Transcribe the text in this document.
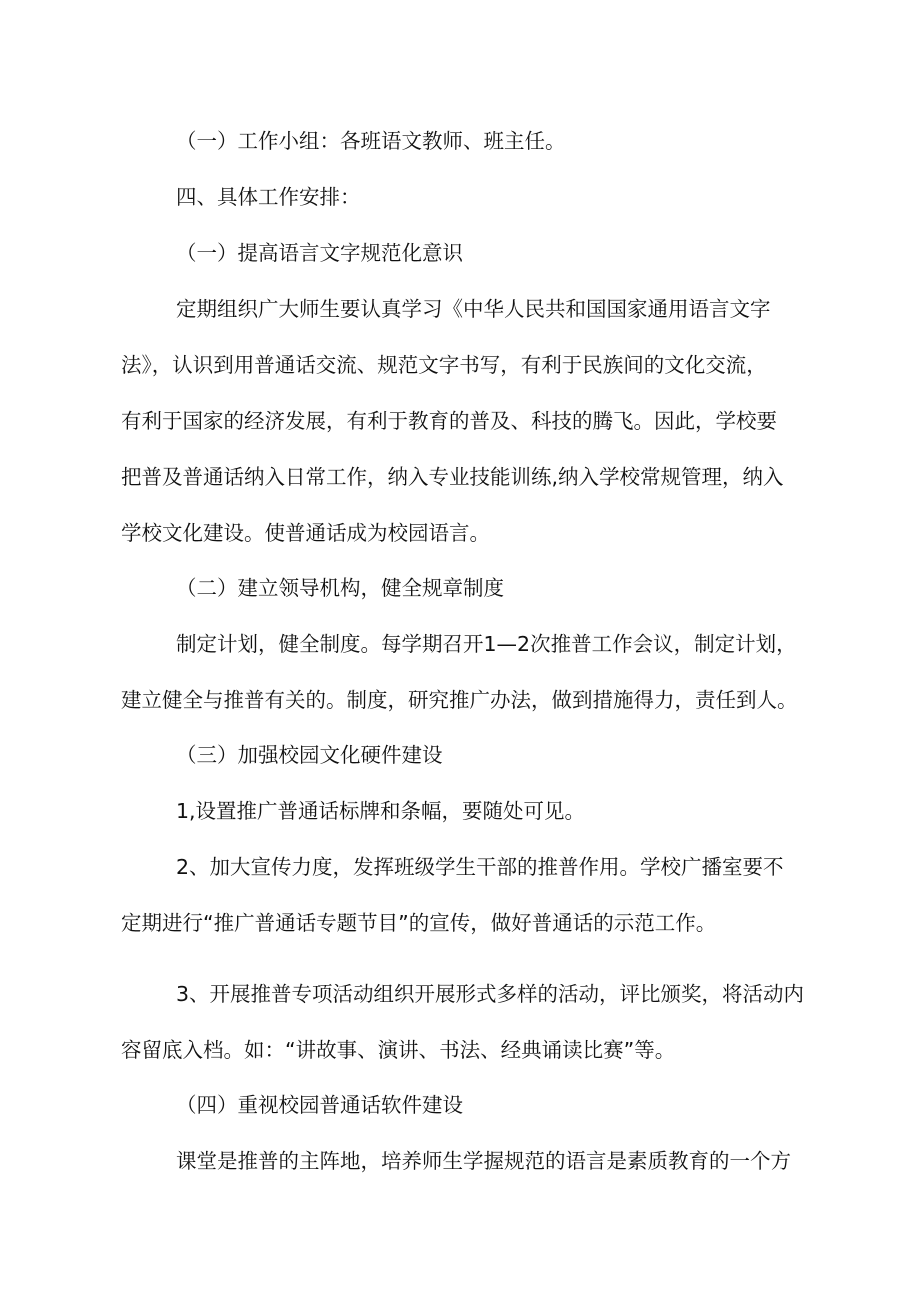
（一）工作小组：各班语文教师、班主任。

四、具体工作安排：

（一）提高语言文字规范化意识

定期组织广大师生要认真学习《中华人民共和国国家通用语言文字

法》，认识到用普通话交流、规范文字书写，有利于民族间的文化交流，

有利于国家的经济发展，有利于教育的普及、科技的腾飞。因此，学校要

把普及普通话纳入日常工作，纳入专业技能训练,纳入学校常规管理，纳入

学校文化建设。使普通话成为校园语言。

（二）建立领导机构，健全规章制度

制定计划，健全制度。每学期召开1—2次推普工作会议，制定计划，

建立健全与推普有关的。制度，研究推广办法，做到措施得力，责任到人。

（三）加强校园文化硬件建设

1,设置推广普通话标牌和条幅，要随处可见。

2、加大宣传力度，发挥班级学生干部的推普作用。学校广播室要不

定期进行“推广普通话专题节目”的宣传，做好普通话的示范工作。

3、开展推普专项活动组织开展形式多样的活动，评比颁奖，将活动内

容留底入档。如：“讲故事、演讲、书法、经典诵读比赛”等。

（四）重视校园普通话软件建设

课堂是推普的主阵地，培养师生学握规范的语言是素质教育的一个方
